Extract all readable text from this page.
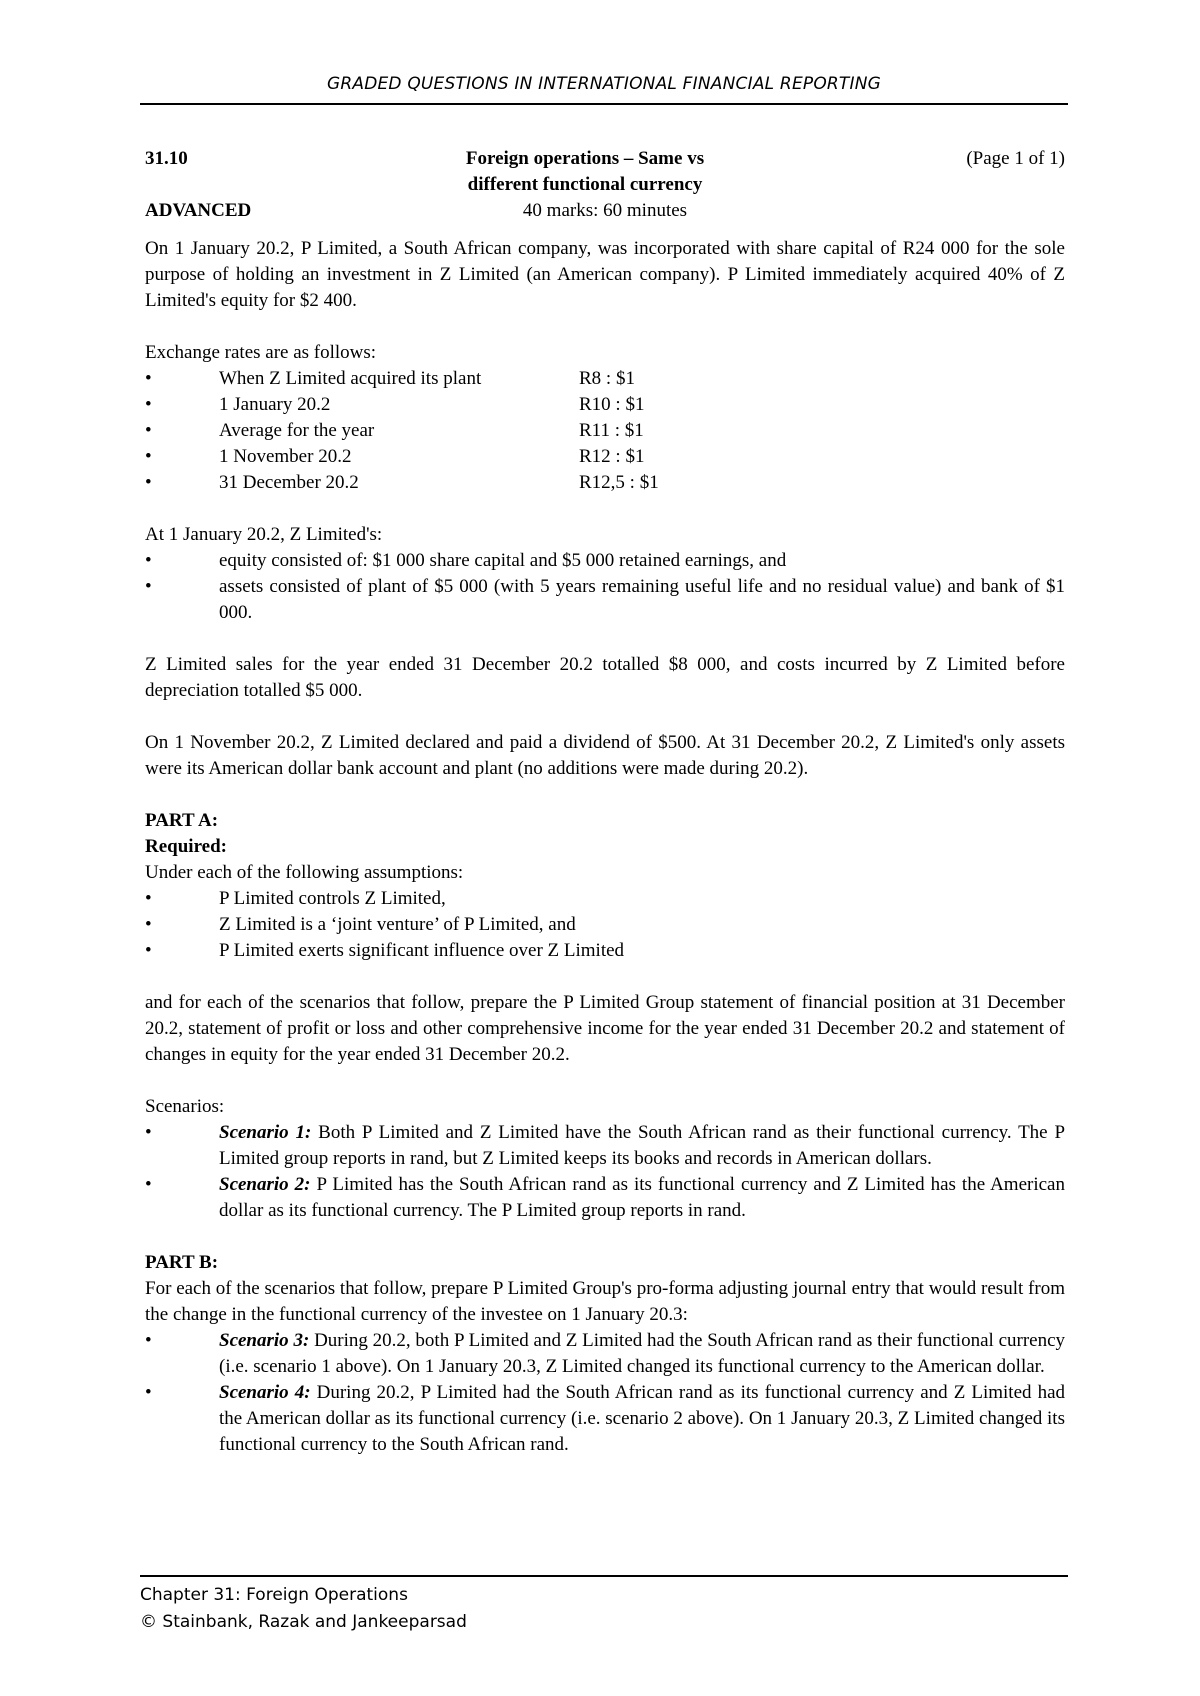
GRADED QUESTIONS IN INTERNATIONAL FINANCIAL REPORTING
31.10	Foreign operations – Same vs different functional currency
(Page 1 of 1)
ADVANCED	40 marks: 60 minutes

On 1 January 20.2, P Limited, a South African company, was incorporated with share capital of R24 000 for the sole purpose of holding an investment in Z Limited (an American company). P Limited immediately acquired 40% of Z Limited's equity for $2 400.

Exchange rates are as follows:

•	When Z Limited acquired its plant	R8 : $1
•	1 January 20.2	R10 : $1
•	Average for the year	R11 : $1
•	1 November 20.2	R12 : $1
•	31 December 20.2	R12,5 : $1

At 1 January 20.2, Z Limited's:

•	equity consisted of: $1 000 share capital and $5 000 retained earnings, and
•	assets consisted of plant of $5 000 (with 5 years remaining useful life and no residual value) and bank of $1 000.

Z Limited sales for the year ended 31 December 20.2 totalled $8 000, and costs incurred by Z Limited before depreciation totalled $5 000.

On 1 November 20.2, Z Limited declared and paid a dividend of $500. At 31 December 20.2, Z Limited's only assets were its American dollar bank account and plant (no additions were made during 20.2).

PART A:

Required:

Under each of the following assumptions:

•	P Limited controls Z Limited,
•	Z Limited is a ‘joint venture’ of P Limited, and
•	P Limited exerts significant influence over Z Limited

and for each of the scenarios that follow, prepare the P Limited Group statement of financial position at 31 December 20.2, statement of profit or loss and other comprehensive income for the year ended 31 December 20.2 and statement of changes in equity for the year ended 31 December 20.2.

Scenarios:

•	Scenario 1: Both P Limited and Z Limited have the South African rand as their functional currency. The P Limited group reports in rand, but Z Limited keeps its books and records in American dollars.
•	Scenario 2: P Limited has the South African rand as its functional currency and Z Limited has the American dollar as its functional currency. The P Limited group reports in rand.

PART B:

For each of the scenarios that follow, prepare P Limited Group's pro-forma adjusting journal entry that would result from the change in the functional currency of the investee on 1 January 20.3:

•	Scenario 3: During 20.2, both P Limited and Z Limited had the South African rand as their functional currency (i.e. scenario 1 above). On 1 January 20.3, Z Limited changed its functional currency to the American dollar.
•	Scenario 4: During 20.2, P Limited had the South African rand as its functional currency and Z Limited had the American dollar as its functional currency (i.e. scenario 2 above). On 1 January 20.3, Z Limited changed its functional currency to the South African rand.
Chapter 31: Foreign Operations
© Stainbank, Razak and Jankeeparsad
